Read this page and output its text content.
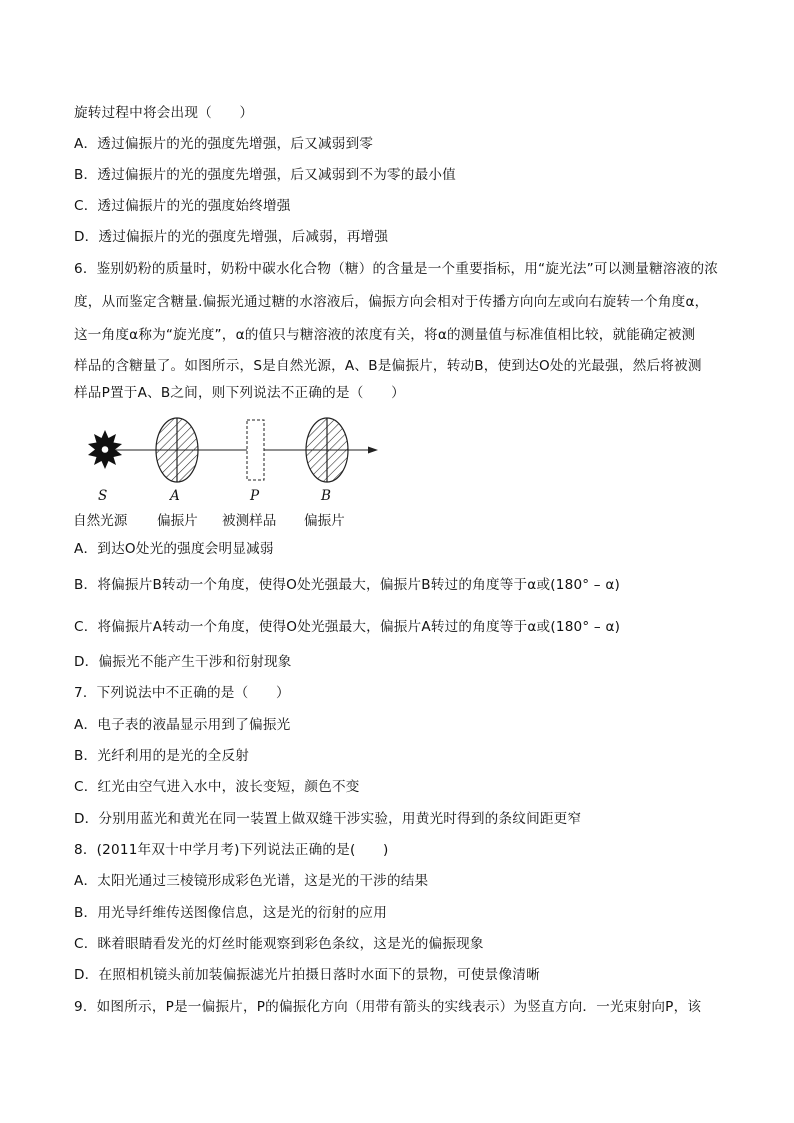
旋转过程中将会出现（　　）
A．透过偏振片的光的强度先增强，后又减弱到零
B．透过偏振片的光的强度先增强，后又减弱到不为零的最小值
C．透过偏振片的光的强度始终增强
D．透过偏振片的光的强度先增强，后减弱，再增强
6．鉴别奶粉的质量时，奶粉中碳水化合物（糖）的含量是一个重要指标，用“旋光法”可以测量糖溶液的浓
度，从而鉴定含糖量.偏振光通过糖的水溶液后，偏振方向会相对于传播方向向左或向右旋转一个角度α，
这一角度α称为“旋光度”，α的值只与糖溶液的浓度有关，将α的测量值与标准值相比较，就能确定被测
样品的含糖量了。如图所示，S是自然光源，A、B是偏振片，转动B，使到达O处的光最强，然后将被测
样品P置于A、B之间，则下列说法不正确的是（　　）
S	A	P	B
自然光源 偏振片 被测样品 偏振片
A．到达O处光的强度会明显减弱
B．将偏振片B转动一个角度，使得O处光强最大，偏振片B转过的角度等于α或(180° – α)
C．将偏振片A转动一个角度，使得O处光强最大，偏振片A转过的角度等于α或(180° – α)
D．偏振光不能产生干涉和衍射现象
7．下列说法中不正确的是（　　）
A．电子表的液晶显示用到了偏振光
B．光纤利用的是光的全反射
C．红光由空气进入水中，波长变短，颜色不变
D．分别用蓝光和黄光在同一装置上做双缝干涉实验，用黄光时得到的条纹间距更窄
8．(2011年双十中学月考)下列说法正确的是(　　)
A．太阳光通过三棱镜形成彩色光谱，这是光的干涉的结果
B．用光导纤维传送图像信息，这是光的衍射的应用
C．眯着眼睛看发光的灯丝时能观察到彩色条纹，这是光的偏振现象
D．在照相机镜头前加装偏振滤光片拍摄日落时水面下的景物，可使景像清晰
9．如图所示，P是一偏振片，P的偏振化方向（用带有箭头的实线表示）为竖直方向．一光束射向P，该
